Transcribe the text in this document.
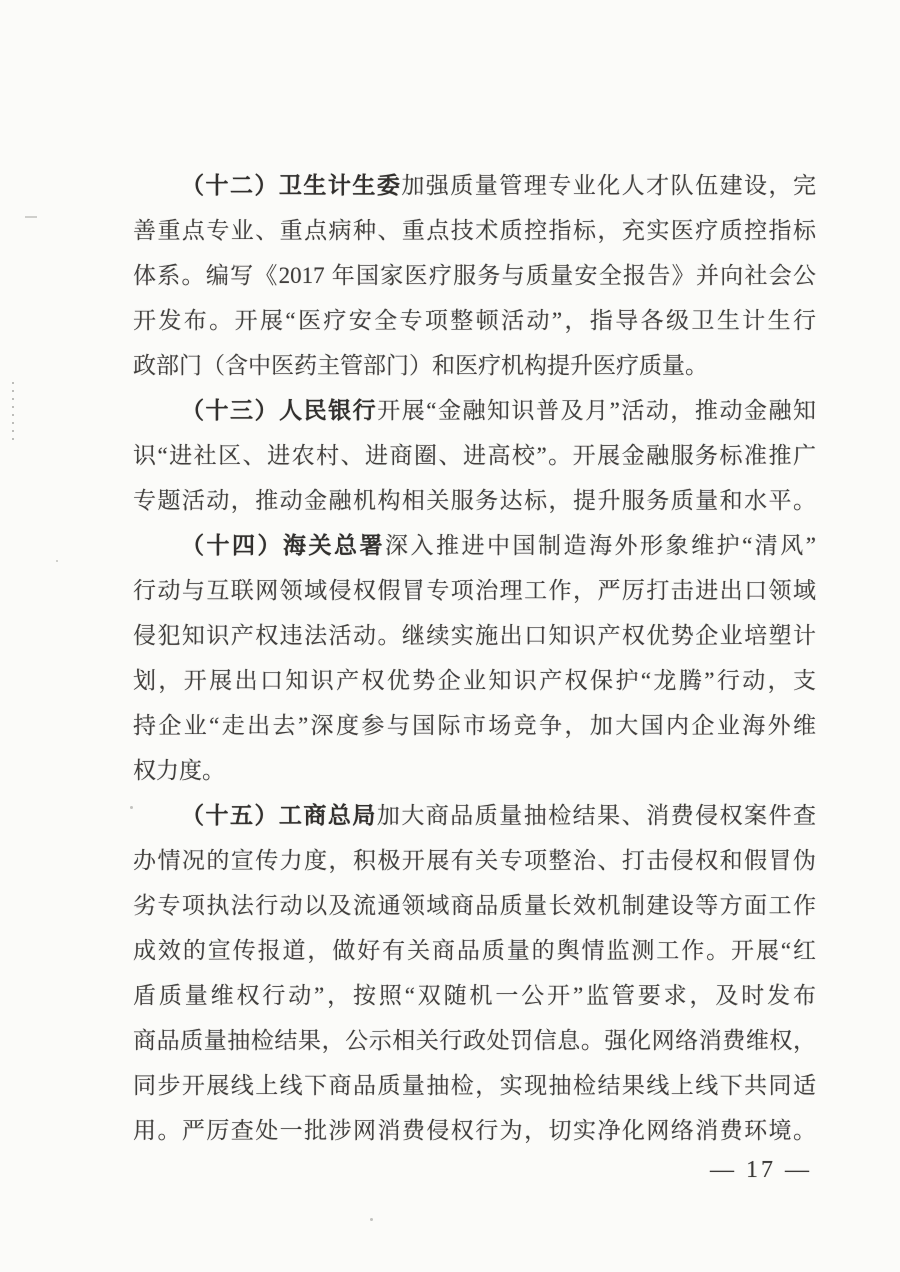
（十二）卫生计生委加强质量管理专业化人才队伍建设，完
善重点专业、重点病种、重点技术质控指标，充实医疗质控指标
体系。编写《2017 年国家医疗服务与质量安全报告》并向社会公
开发布。开展“医疗安全专项整顿活动”，指导各级卫生计生行
政部门（含中医药主管部门）和医疗机构提升医疗质量。
（十三）人民银行开展“金融知识普及月”活动，推动金融知
识“进社区、进农村、进商圈、进高校”。开展金融服务标准推广
专题活动，推动金融机构相关服务达标，提升服务质量和水平。
（十四）海关总署深入推进中国制造海外形象维护“清风”
行动与互联网领域侵权假冒专项治理工作，严厉打击进出口领域
侵犯知识产权违法活动。继续实施出口知识产权优势企业培塑计
划，开展出口知识产权优势企业知识产权保护“龙腾”行动，支
持企业“走出去”深度参与国际市场竞争，加大国内企业海外维
权力度。
（十五）工商总局加大商品质量抽检结果、消费侵权案件查
办情况的宣传力度，积极开展有关专项整治、打击侵权和假冒伪
劣专项执法行动以及流通领域商品质量长效机制建设等方面工作
成效的宣传报道，做好有关商品质量的舆情监测工作。开展“红
盾质量维权行动”，按照“双随机一公开”监管要求，及时发布
商品质量抽检结果，公示相关行政处罚信息。强化网络消费维权，
同步开展线上线下商品质量抽检，实现抽检结果线上线下共同适
用。严厉查处一批涉网消费侵权行为，切实净化网络消费环境。
— 17 —
